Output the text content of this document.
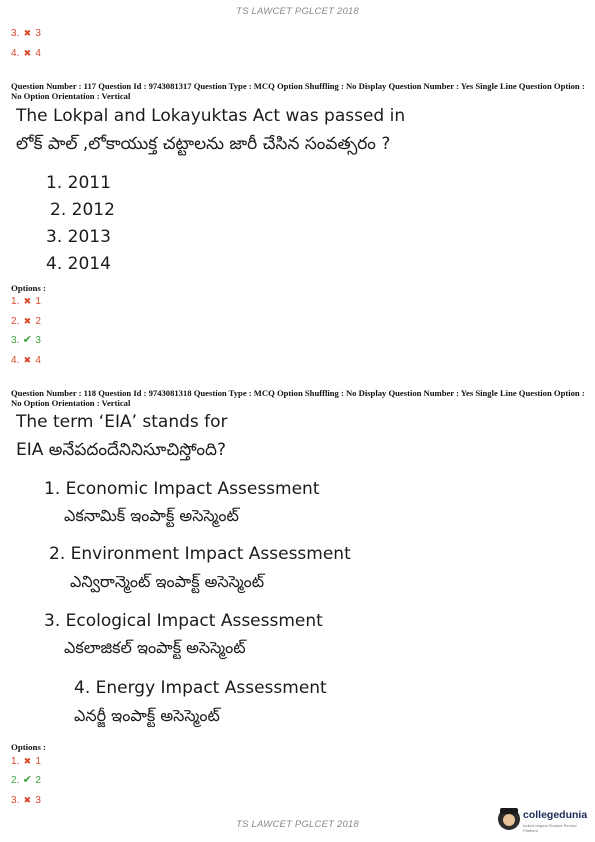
TS LAWCET PGLCET 2018
3. ✖ 3
4. ✖ 4
Question Number : 117 Question Id : 9743081317 Question Type : MCQ Option Shuffling : No Display Question Number : Yes Single Line Question Option : No Option Orientation : Vertical
The Lokpal and Lokayuktas Act was passed in
లోక్ పాల్ ,లోకాయుక్త చట్టాలను జారీ చేసిన సంవత్సరం ?
1. 2011
2. 2012
3. 2013
4. 2014
Options :
1. ✖ 1
2. ✖ 2
3. ✔ 3
4. ✖ 4
Question Number : 118 Question Id : 9743081318 Question Type : MCQ Option Shuffling : No Display Question Number : Yes Single Line Question Option : No Option Orientation : Vertical
The term ‘EIA’ stands for
EIA అనేపదందేనినిసూచిస్తోంది?
1. Economic Impact Assessment
ఎకనామిక్ ఇంపాక్ట్ అసెస్మెంట్
2. Environment Impact Assessment
ఎన్విరాన్మెంట్ ఇంపాక్ట్ అసెస్మెంట్
3. Ecological Impact Assessment
ఎకలాజికల్ ఇంపాక్ట్ అసెస్మెంట్
4. Energy Impact Assessment
ఎనర్జీ ఇంపాక్ట్ అసెస్మెంట్
Options :
1. ✖ 1
2. ✔ 2
3. ✖ 3
TS LAWCET PGLCET 2018
collegedunia
India's largest Student Review Platform
